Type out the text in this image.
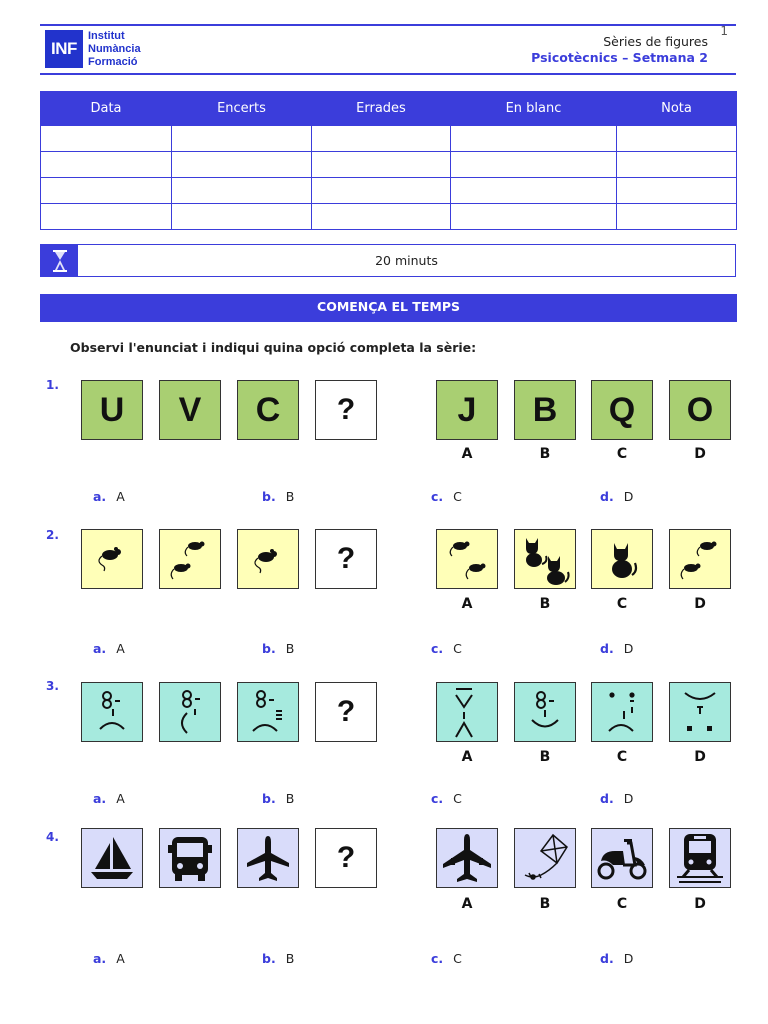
INF
Institut
Numància
Formació
1
Sèries de figures
Psicotècnics – Setmana 2
Data	Encerts	Errades	En blanc	Nota

20 minuts
COMENÇA EL TEMPS
Observi l'enunciat i indiqui quina opció completa la sèrie:
1.
U V C ?	J B Q O
A	B	C	D
a. A	b. B	c. C	d. D
2.
?
A	B	C	D
a. A	b. B	c. C	d. D
3.
?
A	B	C	D
a. A	b. B	c. C	d. D
4.
?
A	B	C	D
a. A	b. B	c. C	d. D
